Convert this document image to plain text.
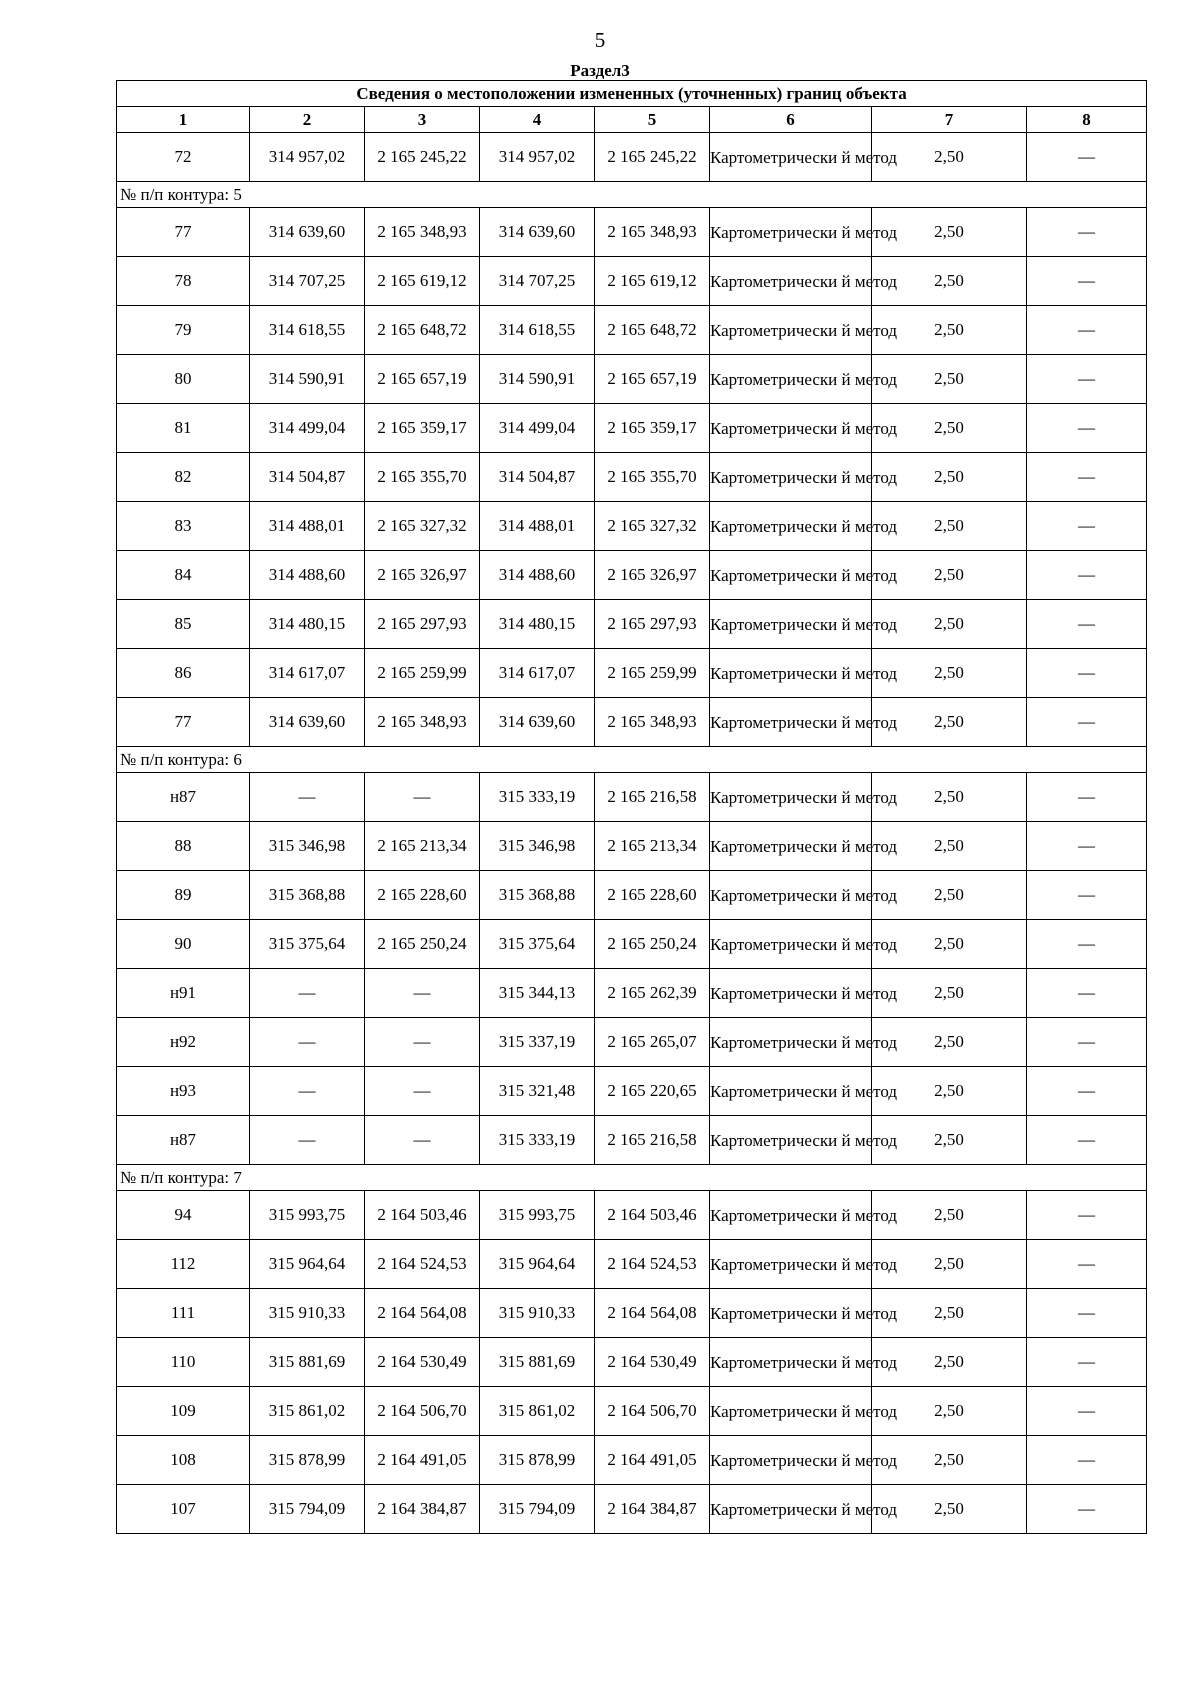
5
Раздел3
Сведения о местоположении измененных (уточненных) границ объекта							
1	2	3	4	5	6	7	8
72	314 957,02	2 165 245,22	314 957,02	2 165 245,22	Картометрически й метод	2,50	—
№ п/п контура: 5							
77	314 639,60	2 165 348,93	314 639,60	2 165 348,93	Картометрически й метод	2,50	—
78	314 707,25	2 165 619,12	314 707,25	2 165 619,12	Картометрически й метод	2,50	—
79	314 618,55	2 165 648,72	314 618,55	2 165 648,72	Картометрически й метод	2,50	—
80	314 590,91	2 165 657,19	314 590,91	2 165 657,19	Картометрически й метод	2,50	—
81	314 499,04	2 165 359,17	314 499,04	2 165 359,17	Картометрически й метод	2,50	—
82	314 504,87	2 165 355,70	314 504,87	2 165 355,70	Картометрически й метод	2,50	—
83	314 488,01	2 165 327,32	314 488,01	2 165 327,32	Картометрически й метод	2,50	—
84	314 488,60	2 165 326,97	314 488,60	2 165 326,97	Картометрически й метод	2,50	—
85	314 480,15	2 165 297,93	314 480,15	2 165 297,93	Картометрически й метод	2,50	—
86	314 617,07	2 165 259,99	314 617,07	2 165 259,99	Картометрически й метод	2,50	—
77	314 639,60	2 165 348,93	314 639,60	2 165 348,93	Картометрически й метод	2,50	—
№ п/п контура: 6							
н87	—	—	315 333,19	2 165 216,58	Картометрически й метод	2,50	—
88	315 346,98	2 165 213,34	315 346,98	2 165 213,34	Картометрически й метод	2,50	—
89	315 368,88	2 165 228,60	315 368,88	2 165 228,60	Картометрически й метод	2,50	—
90	315 375,64	2 165 250,24	315 375,64	2 165 250,24	Картометрически й метод	2,50	—
н91	—	—	315 344,13	2 165 262,39	Картометрически й метод	2,50	—
н92	—	—	315 337,19	2 165 265,07	Картометрически й метод	2,50	—
н93	—	—	315 321,48	2 165 220,65	Картометрически й метод	2,50	—
н87	—	—	315 333,19	2 165 216,58	Картометрически й метод	2,50	—
№ п/п контура: 7							
94	315 993,75	2 164 503,46	315 993,75	2 164 503,46	Картометрически й метод	2,50	—
112	315 964,64	2 164 524,53	315 964,64	2 164 524,53	Картометрически й метод	2,50	—
111	315 910,33	2 164 564,08	315 910,33	2 164 564,08	Картометрически й метод	2,50	—
110	315 881,69	2 164 530,49	315 881,69	2 164 530,49	Картометрически й метод	2,50	—
109	315 861,02	2 164 506,70	315 861,02	2 164 506,70	Картометрически й метод	2,50	—
108	315 878,99	2 164 491,05	315 878,99	2 164 491,05	Картометрически й метод	2,50	—
107	315 794,09	2 164 384,87	315 794,09	2 164 384,87	Картометрически й метод	2,50	—
